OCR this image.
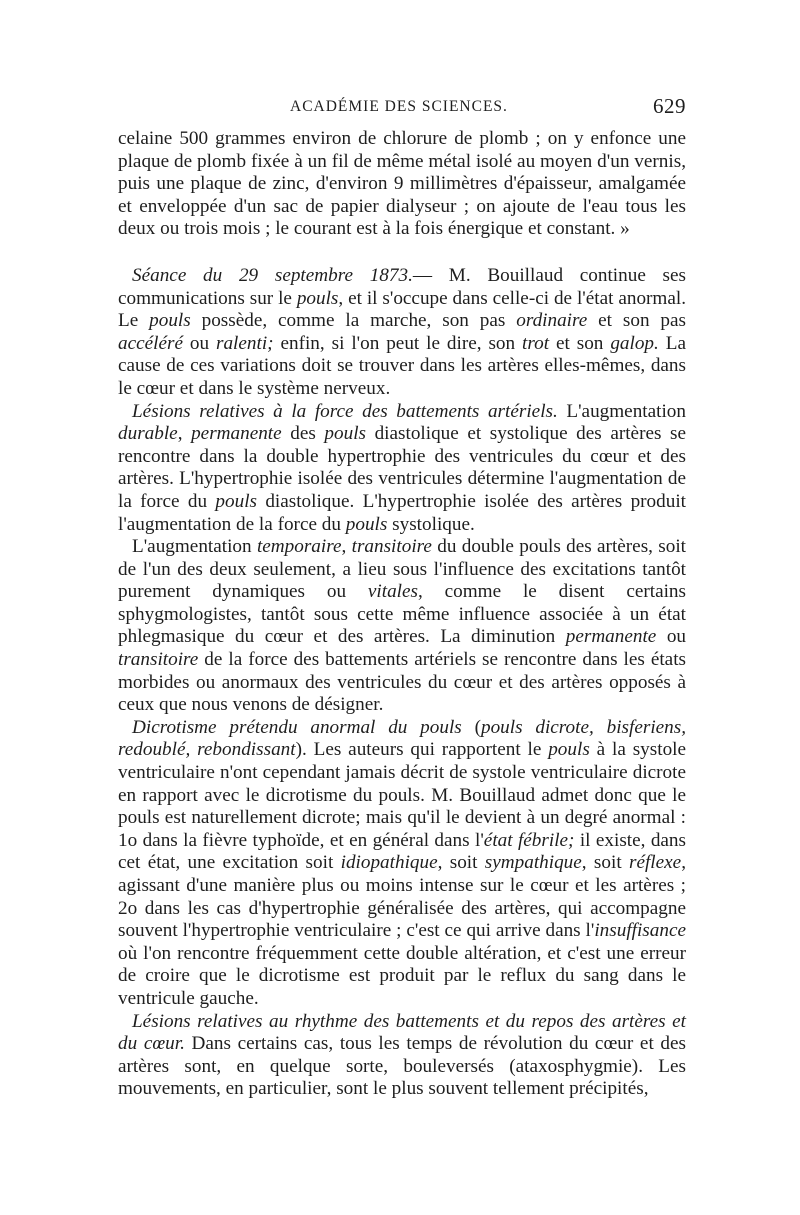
ACADÉMIE DES SCIENCES.	629

celaine 500 grammes environ de chlorure de plomb ; on y enfonce une plaque de plomb fixée à un fil de même métal isolé au moyen d'un vernis, puis une plaque de zinc, d'environ 9 millimètres d'épaisseur, amalgamée et enveloppée d'un sac de papier dialyseur ; on ajoute de l'eau tous les deux ou trois mois ; le courant est à la fois énergique et constant. »

Séance du 29 septembre 1873.— M. Bouillaud continue ses communications sur le pouls, et il s'occupe dans celle-ci de l'état anormal. Le pouls possède, comme la marche, son pas ordinaire et son pas accéléré ou ralenti; enfin, si l'on peut le dire, son trot et son galop. La cause de ces variations doit se trouver dans les artères elles-mêmes, dans le cœur et dans le système nerveux.

Lésions relatives à la force des battements artériels. L'augmentation durable, permanente des pouls diastolique et systolique des artères se rencontre dans la double hypertrophie des ventricules du cœur et des artères. L'hypertrophie isolée des ventricules détermine l'augmentation de la force du pouls diastolique. L'hypertrophie isolée des artères produit l'augmentation de la force du pouls systolique.

L'augmentation temporaire, transitoire du double pouls des artères, soit de l'un des deux seulement, a lieu sous l'influence des excitations tantôt purement dynamiques ou vitales, comme le disent certains sphygmologistes, tantôt sous cette même influence associée à un état phlegmasique du cœur et des artères. La diminution permanente ou transitoire de la force des battements artériels se rencontre dans les états morbides ou anormaux des ventricules du cœur et des artères opposés à ceux que nous venons de désigner.

Dicrotisme prétendu anormal du pouls (pouls dicrote, bisferiens, redoublé, rebondissant). Les auteurs qui rapportent le pouls à la systole ventriculaire n'ont cependant jamais décrit de systole ventriculaire dicrote en rapport avec le dicrotisme du pouls. M. Bouillaud admet donc que le pouls est naturellement dicrote; mais qu'il le devient à un degré anormal : 1o dans la fièvre typhoïde, et en général dans l'état fébrile; il existe, dans cet état, une excitation soit idiopathique, soit sympathique, soit réflexe, agissant d'une manière plus ou moins intense sur le cœur et les artères ; 2o dans les cas d'hypertrophie généralisée des artères, qui accompagne souvent l'hypertrophie ventriculaire ; c'est ce qui arrive dans l'insuffisance où l'on rencontre fréquemment cette double altération, et c'est une erreur de croire que le dicrotisme est produit par le reflux du sang dans le ventricule gauche.

Lésions relatives au rhythme des battements et du repos des artères et du cœur. Dans certains cas, tous les temps de révolution du cœur et des artères sont, en quelque sorte, bouleversés (ataxosphygmie). Les mouvements, en particulier, sont le plus souvent tellement précipités,
